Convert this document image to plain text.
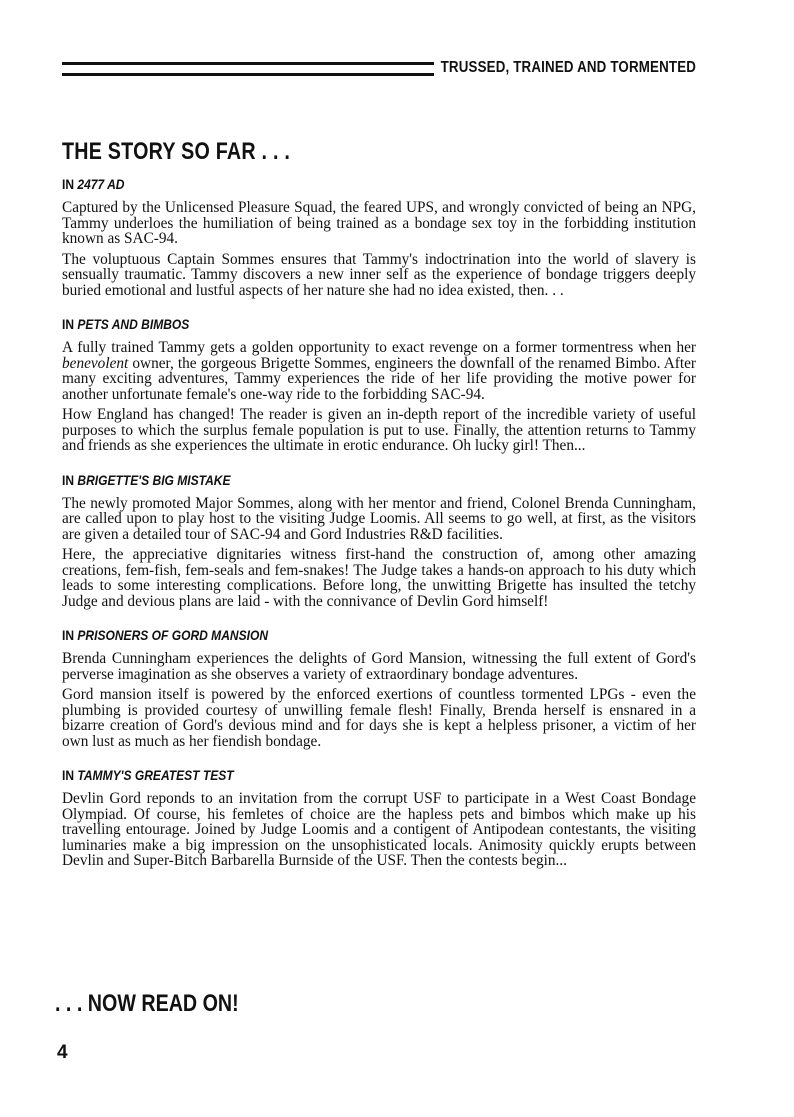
TRUSSED, TRAINED AND TORMENTED
THE STORY SO FAR . . .
IN 2477 AD

Captured by the Unlicensed Pleasure Squad, the feared UPS, and wrongly convicted of being an NPG, Tammy underloes the humiliation of being trained as a bondage sex toy in the forbidding institution known as SAC-94.

The voluptuous Captain Sommes ensures that Tammy's indoctrination into the world of slavery is sensually traumatic. Tammy discovers a new inner self as the experience of bondage triggers deeply buried emotional and lustful aspects of her nature she had no idea existed, then. . .

IN PETS AND BIMBOS

A fully trained Tammy gets a golden opportunity to exact revenge on a former tormentress when her benevolent owner, the gorgeous Brigette Sommes, engineers the downfall of the renamed Bimbo. After many exciting adventures, Tammy experiences the ride of her life providing the motive power for another unfortunate female's one-way ride to the forbidding SAC-94.

How England has changed! The reader is given an in-depth report of the incredible variety of useful purposes to which the surplus female population is put to use. Finally, the attention returns to Tammy and friends as she experiences the ultimate in erotic endurance. Oh lucky girl! Then...

IN BRIGETTE'S BIG MISTAKE

The newly promoted Major Sommes, along with her mentor and friend, Colonel Brenda Cunningham, are called upon to play host to the visiting Judge Loomis. All seems to go well, at first, as the visitors are given a detailed tour of SAC-94 and Gord Industries R&D facilities.

Here, the appreciative dignitaries witness first-hand the construction of, among other amazing creations, fem-fish, fem-seals and fem-snakes! The Judge takes a hands-on approach to his duty which leads to some interesting complications. Before long, the unwitting Brigette has insulted the tetchy Judge and devious plans are laid - with the connivance of Devlin Gord himself!

IN PRISONERS OF GORD MANSION

Brenda Cunningham experiences the delights of Gord Mansion, witnessing the full extent of Gord's perverse imagination as she observes a variety of extraordinary bondage adventures.

Gord mansion itself is powered by the enforced exertions of countless tormented LPGs - even the plumbing is provided courtesy of unwilling female flesh! Finally, Brenda herself is ensnared in a bizarre creation of Gord's devious mind and for days she is kept a helpless prisoner, a victim of her own lust as much as her fiendish bondage.

IN TAMMY'S GREATEST TEST

Devlin Gord reponds to an invitation from the corrupt USF to participate in a West Coast Bondage Olympiad. Of course, his femletes of choice are the hapless pets and bimbos which make up his travelling entourage. Joined by Judge Loomis and a contigent of Antipodean contestants, the visiting luminaries make a big impression on the unsophisticated locals. Animosity quickly erupts between Devlin and Super-Bitch Barbarella Burnside of the USF. Then the contests begin...

. . . NOW READ ON!
4
